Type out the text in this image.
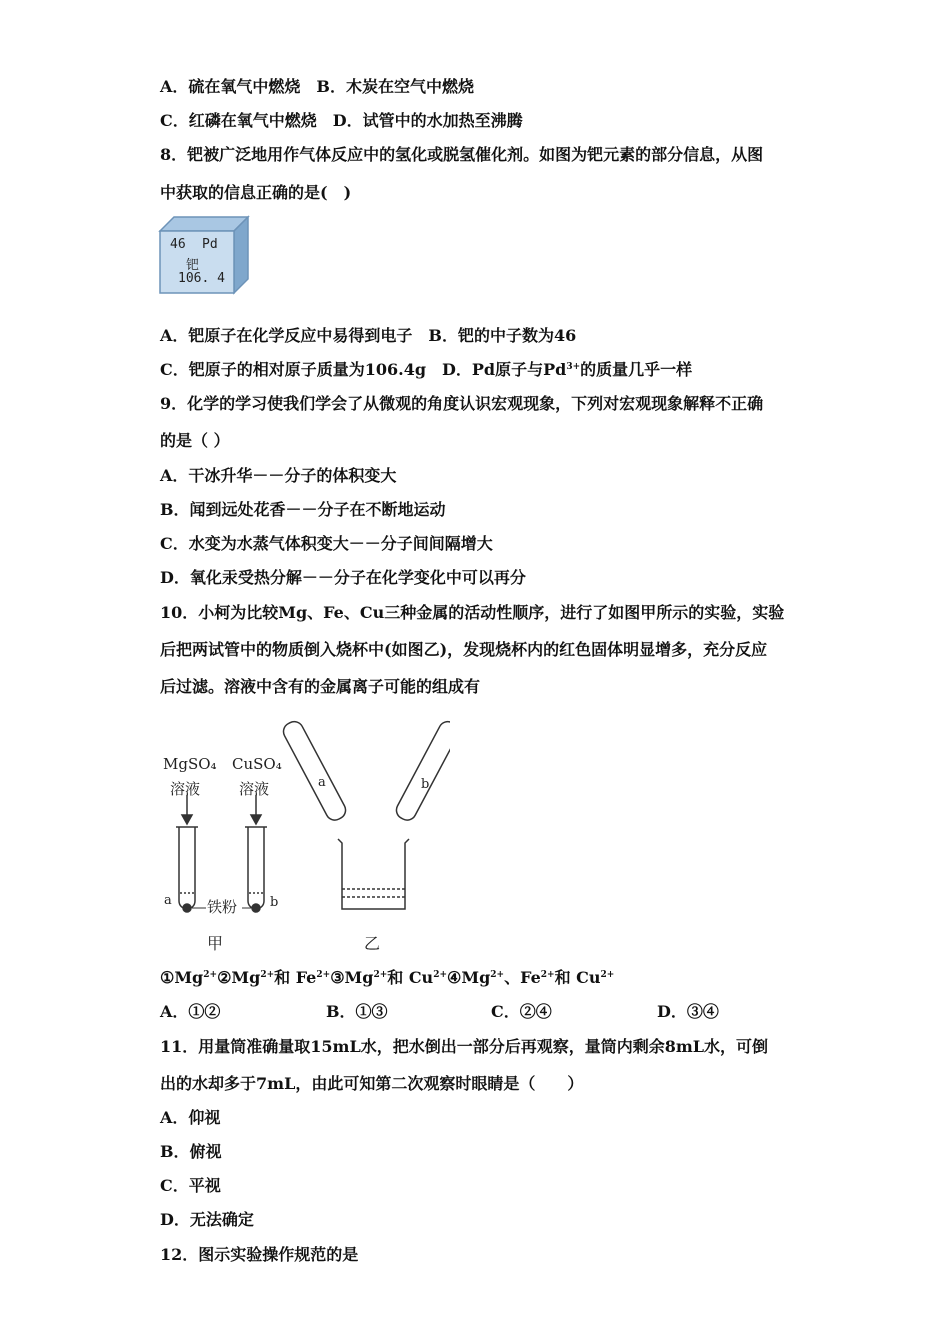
A．硫在氧气中燃烧　B．木炭在空气中燃烧
C．红磷在氧气中燃烧　D．试管中的水加热至沸腾
8．钯被广泛地用作气体反应中的氢化或脱氢催化剂。如图为钯元素的部分信息，从图
中获取的信息正确的是(　)
46 Pd
钯
106. 4
A．钯原子在化学反应中易得到电子　B．钯的中子数为46
C．钯原子的相对原子质量为106.4g　D．Pd原子与$Pd^{3+}$的质量几乎一样
9．化学的学习使我们学会了从微观的角度认识宏观现象，下列对宏观现象解释不正确
的是（ ）
A．干冰升华－－分子的体积变大
B．闻到远处花香－－分子在不断地运动
C．水变为水蒸气体积变大－－分子间间隔增大
D．氧化汞受热分解－－分子在化学变化中可以再分
10．小柯为比较Mg、Fe、Cu三种金属的活动性顺序，进行了如图甲所示的实验，实验
后把两试管中的物质倒入烧杯中(如图乙)，发现烧杯内的红色固体明显增多，充分反应
后过滤。溶液中含有的金属离子可能的组成有
MgSO₄
溶液
CuSO₄
溶液
a	b
铁粉
甲
a	b
乙
$①Mg^{2+}②Mg^{2+}$和 $Fe^{2+}③Mg^{2+}$和 $Cu^{2+}④Mg^{2+}$、$Fe^{2+}$和 $Cu^{2+}$
A．①②	B．①③	C．②④	D．③④
11．用量筒准确量取15mL水，把水倒出一部分后再观察，量筒内剩余8mL水，可倒
出的水却多于7mL，由此可知第二次观察时眼睛是（　　）
A．仰视
B．俯视
C．平视
D．无法确定
12．图示实验操作规范的是
